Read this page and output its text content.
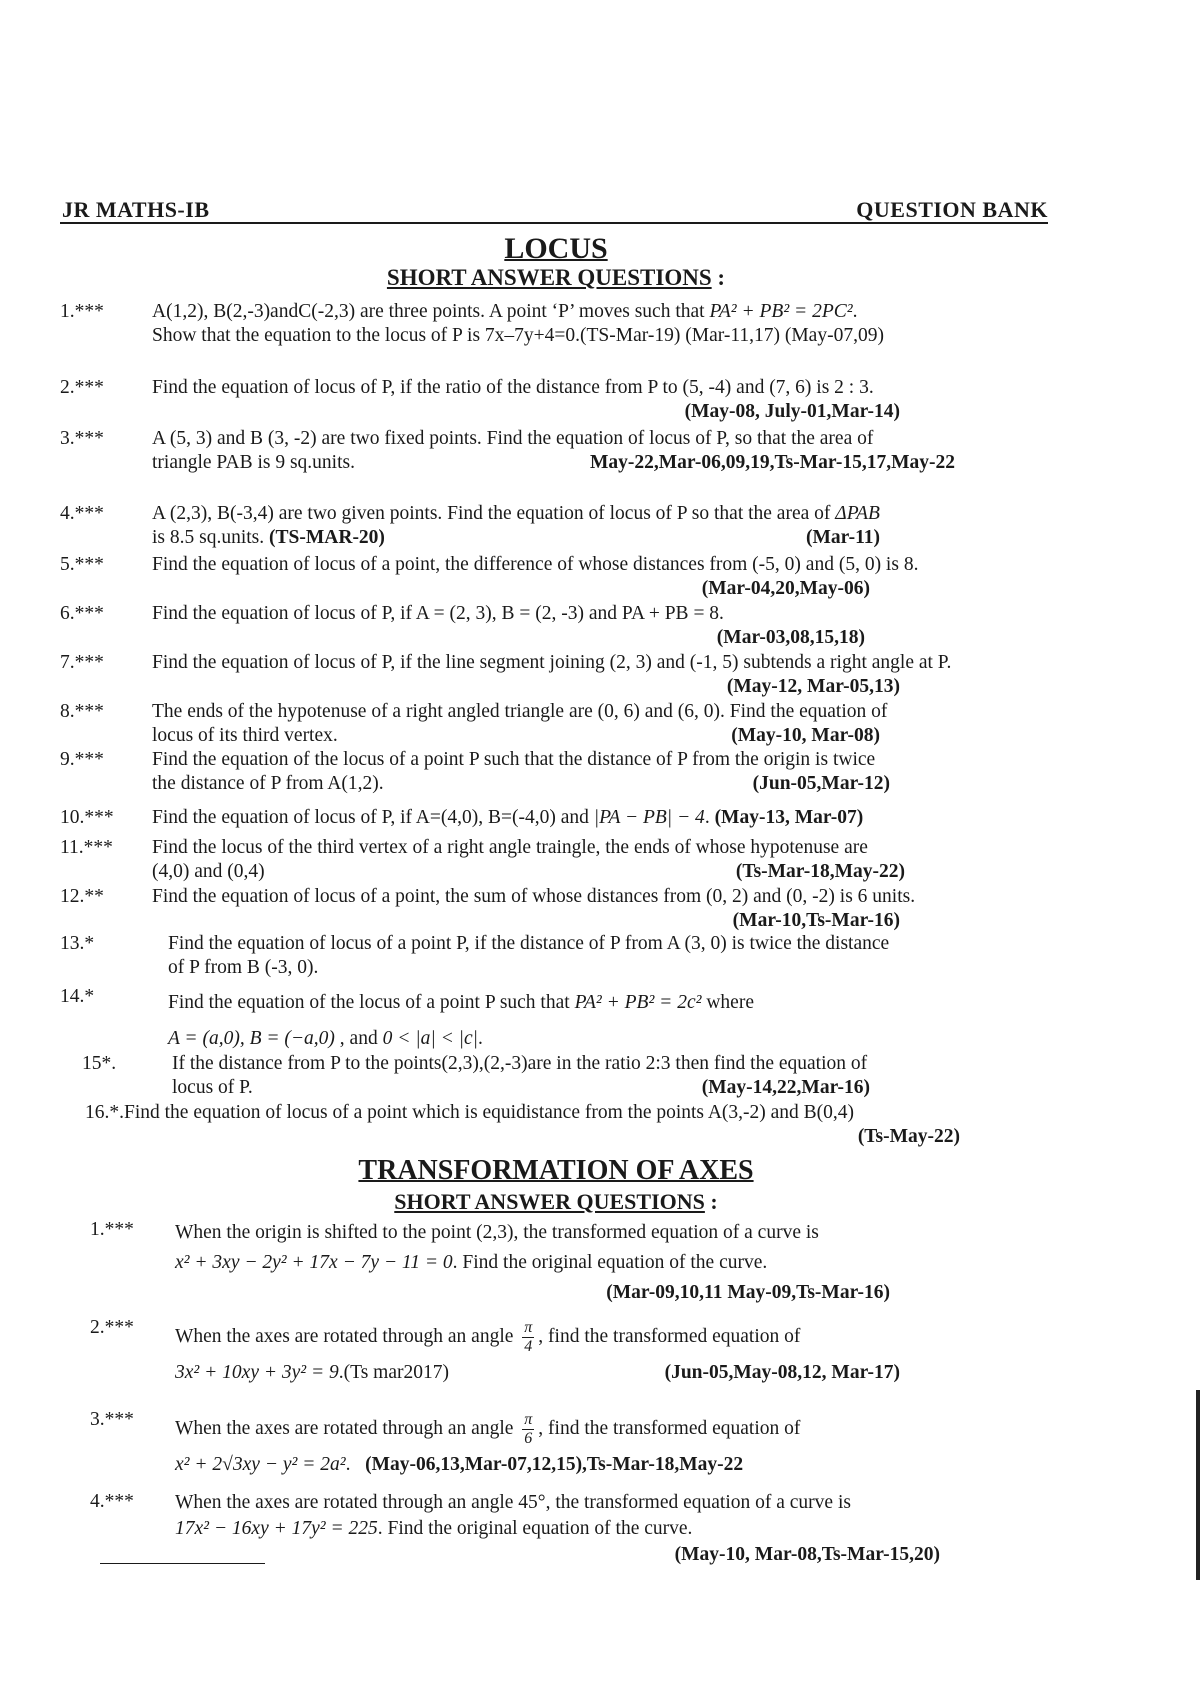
JR MATHS-IB	QUESTION BANK
LOCUS
SHORT ANSWER QUESTIONS :
1.***	A(1,2), B(2,-3)andC(-2,3) are three points. A point ‘P’ moves such that PA² + PB² = 2PC².
Show that the equation to the locus of P is 7x–7y+4=0.(TS-Mar-19) (Mar-11,17) (May-07,09)
2.***	Find the equation of locus of P, if the ratio of the distance from P to (5, -4) and (7, 6) is 2 : 3.
(May-08, July-01,Mar-14)
3.***	A (5, 3) and B (3, -2) are two fixed points. Find the equation of locus of P, so that the area of
triangle PAB is 9 sq.units.	May-22,Mar-06,09,19,Ts-Mar-15,17,May-22
4.***	A (2,3), B(-3,4) are two given points. Find the equation of locus of P so that the area of ΔPAB
is 8.5 sq.units. (TS-MAR-20)	(Mar-11)
5.***	Find the equation of locus of a point, the difference of whose distances from (-5, 0) and (5, 0) is 8.
(Mar-04,20,May-06)
6.***	Find the equation of locus of P, if A = (2, 3), B = (2, -3) and PA + PB = 8.
(Mar-03,08,15,18)
7.***	Find the equation of locus of P, if the line segment joining (2, 3) and (-1, 5) subtends a right angle at P.
(May-12, Mar-05,13)
8.***	The ends of the hypotenuse of a right angled triangle are (0, 6) and (6, 0). Find the equation of
locus of its third vertex.	(May-10, Mar-08)
9.***	Find the equation of the locus of a point P such that the distance of P from the origin is twice
the distance of P from A(1,2).	(Jun-05,Mar-12)
10.***	Find the equation of locus of P, if A=(4,0), B=(-4,0) and |PA − PB| − 4. (May-13, Mar-07)
11.***	Find the locus of the third vertex of a right angle traingle, the ends of whose hypotenuse are
(4,0) and (0,4)	(Ts-Mar-18,May-22)
12.**	Find the equation of locus of a point, the sum of whose distances from (0, 2) and (0, -2) is 6 units.
(Mar-10,Ts-Mar-16)
13.*	Find the equation of locus of a point P, if the distance of P from A (3, 0) is twice the distance
of P from B (-3, 0).
14.*	Find the equation of the locus of a point P such that PA² + PB² = 2c² where
A = (a,0), B = (−a,0) , and 0 < |a| < |c|.
15*.	If the distance from P to the points(2,3),(2,-3)are in the ratio 2:3 then find the equation of
locus of P.	(May-14,22,Mar-16)
16.*.Find the equation of locus of a point which is equidistance from the points A(3,-2) and B(0,4)
(Ts-May-22)
TRANSFORMATION OF AXES
SHORT ANSWER QUESTIONS :
1.***	When the origin is shifted to the point (2,3), the transformed equation of a curve is
x² + 3xy − 2y² + 17x − 7y − 11 = 0. Find the original equation of the curve.
(Mar-09,10,11 May-09,Ts-Mar-16)
2.***	When the axes are rotated through an angle $\frac{\pi}{4}$ , find the transformed equation of
3x² + 10xy + 3y² = 9.(Ts mar2017)	(Jun-05,May-08,12, Mar-17)
3.***	When the axes are rotated through an angle $\frac{\pi}{6}$ , find the transformed equation of
x² + 2√3xy − y² = 2a². (May-06,13,Mar-07,12,15),Ts-Mar-18,May-22
4.***	When the axes are rotated through an angle 45°, the transformed equation of a curve is
17x² − 16xy + 17y² = 225. Find the original equation of the curve.
(May-10, Mar-08,Ts-Mar-15,20)
